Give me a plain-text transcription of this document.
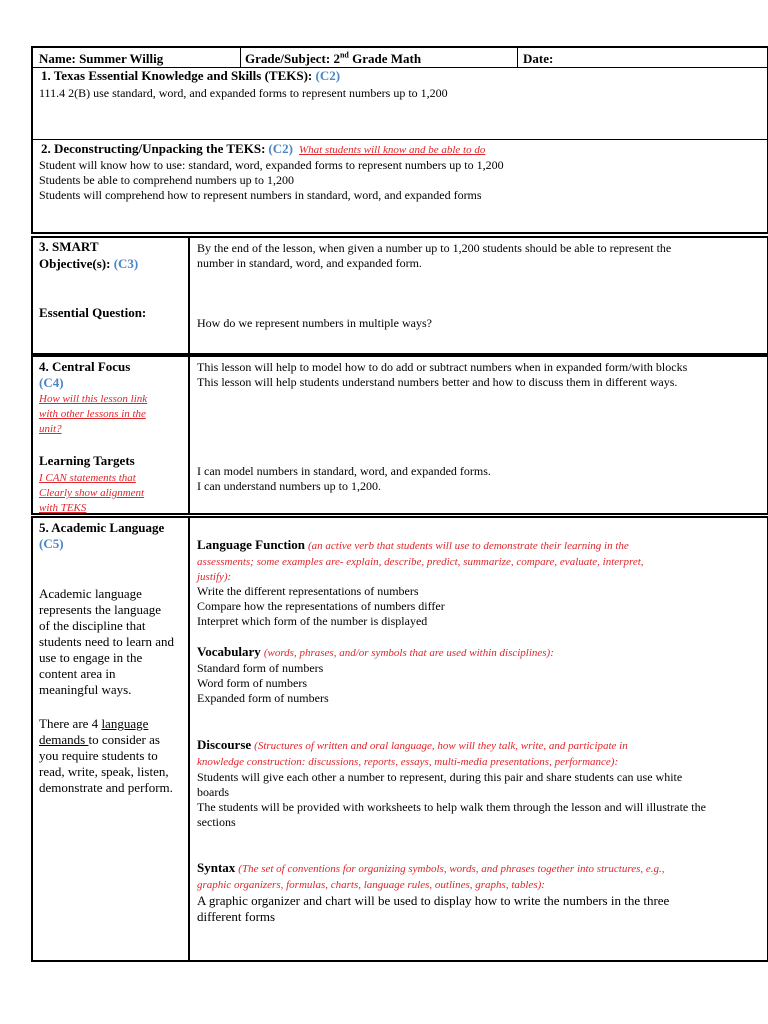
Name: Summer Willig	Grade/Subject: 2nd Grade Math	Date:
1. Texas Essential Knowledge and Skills (TEKS): (C2)
111.4 2(B) use standard, word, and expanded forms to represent numbers up to 1,200
2. Deconstructing/Unpacking the TEKS: (C2) What students will know and be able to do
Student will know how to use: standard, word, expanded forms to represent numbers up to 1,200
Students be able to comprehend numbers up to 1,200
Students will comprehend how to represent numbers in standard, word, and expanded forms
3. SMART
Objective(s): (C3)
Essential Question:
By the end of the lesson, when given a number up to 1,200 students should be able to represent the
number in standard, word, and expanded form.
How do we represent numbers in multiple ways?
4. Central Focus
(C4)
How will this lesson link
with other lessons in the
unit?
Learning Targets
I CAN statements that
Clearly show alignment
with TEKS
This lesson will help to model how to do add or subtract numbers when in expanded form/with blocks
This lesson will help students understand numbers better and how to discuss them in different ways.
I can model numbers in standard, word, and expanded forms.
I can understand numbers up to 1,200.
5. Academic Language
(C5)
Academic language
represents the language
of the discipline that
students need to learn and
use to engage in the
content area in
meaningful ways.
There are 4 language
demands to consider as
you require students to
read, write, speak, listen,
demonstrate and perform.
Language Function (an active verb that students will use to demonstrate their learning in the
assessments; some examples are- explain, describe, predict, summarize, compare, evaluate, interpret,
justify):
Write the different representations of numbers
Compare how the representations of numbers differ
Interpret which form of the number is displayed
Vocabulary (words, phrases, and/or symbols that are used within disciplines):
Standard form of numbers
Word form of numbers
Expanded form of numbers
Discourse (Structures of written and oral language, how will they talk, write, and participate in
knowledge construction: discussions, reports, essays, multi-media presentations, performance):
Students will give each other a number to represent, during this pair and share students can use white
boards
The students will be provided with worksheets to help walk them through the lesson and will illustrate the
sections
Syntax (The set of conventions for organizing symbols, words, and phrases together into structures, e.g.,
graphic organizers, formulas, charts, language rules, outlines, graphs, tables):
A graphic organizer and chart will be used to display how to write the numbers in the three
different forms
